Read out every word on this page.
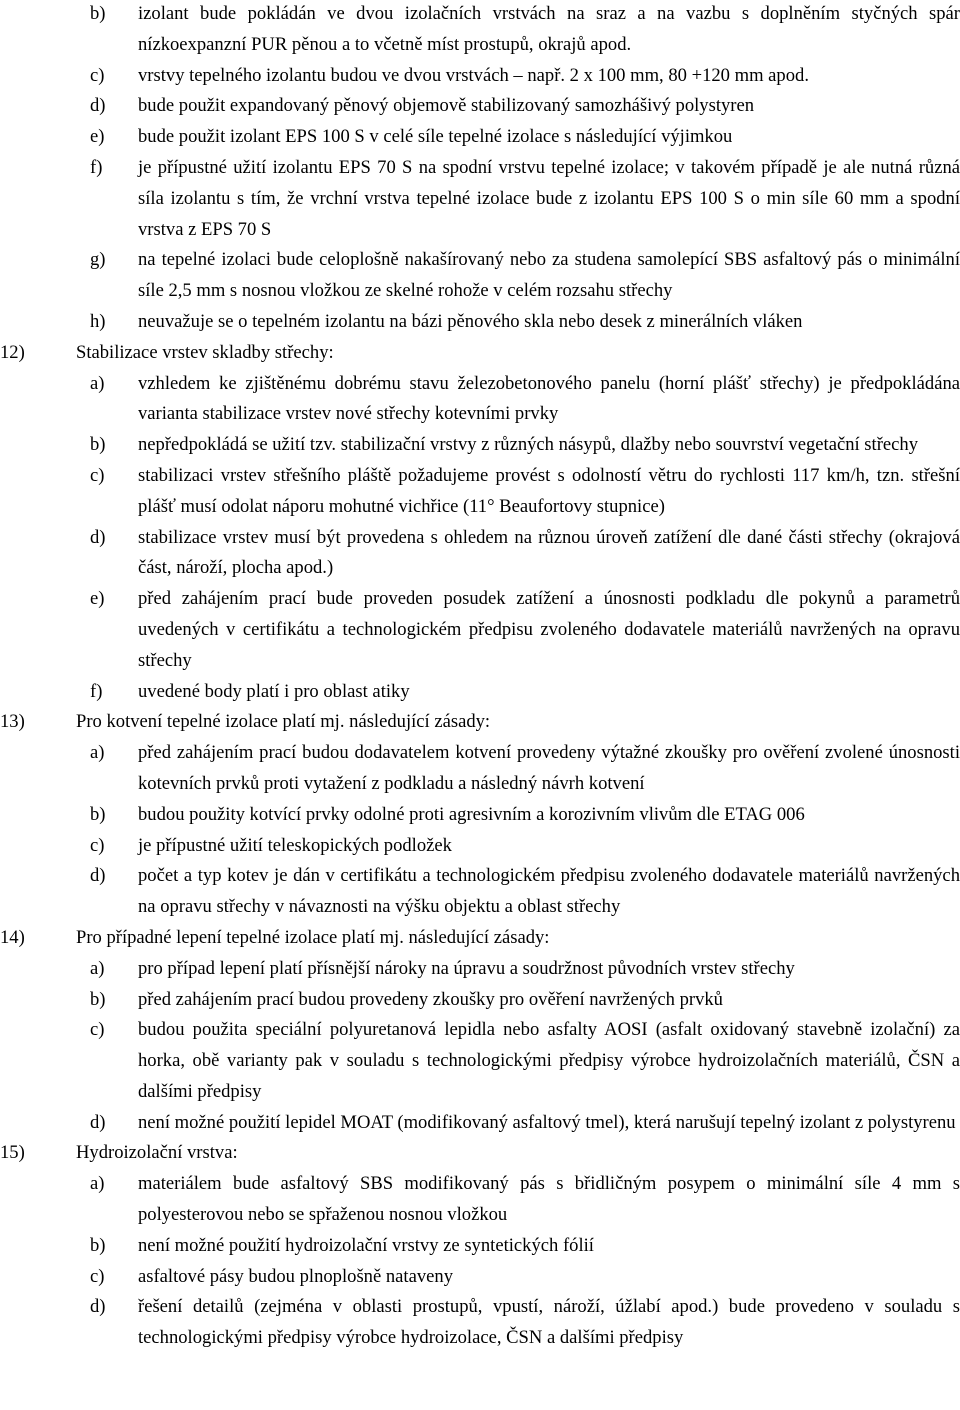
b) izolant bude pokládán ve dvou izolačních vrstvách na sraz a na vazbu s doplněním styčných spár nízkoexpanzní PUR pěnou a to včetně míst prostupů, okrajů apod.
c) vrstvy tepelného izolantu budou ve dvou vrstvách – např. 2 x 100 mm, 80 +120 mm apod.
d) bude použit expandovaný pěnový objemově stabilizovaný samozhášivý polystyren
e) bude použit izolant EPS 100 S v celé síle tepelné izolace s následující výjimkou
f) je přípustné užití izolantu EPS 70 S na spodní vrstvu tepelné izolace; v takovém případě je ale nutná různá síla izolantu s tím, že vrchní vrstva tepelné izolace bude z izolantu EPS 100 S o min síle 60 mm a spodní vrstva z EPS 70 S
g) na tepelné izolaci bude celoplošně nakašírovaný nebo za studena samolepící SBS asfaltový pás o minimální síle 2,5 mm s nosnou vložkou ze skelné rohože v celém rozsahu střechy
h) neuvažuje se o tepelném izolantu na bázi pěnového skla nebo desek z minerálních vláken
12)	Stabilizace vrstev skladby střechy:
a) vzhledem ke zjištěnému dobrému stavu železobetonového panelu (horní plášť střechy) je předpokládána varianta stabilizace vrstev nové střechy kotevními prvky
b) nepředpokládá se užití tzv. stabilizační vrstvy z různých násypů, dlažby nebo souvrství vegetační střechy
c) stabilizaci vrstev střešního pláště požadujeme provést s odolností větru do rychlosti 117 km/h, tzn. střešní plášť musí odolat náporu mohutné vichřice (11° Beaufortovy stupnice)
d) stabilizace vrstev musí být provedena s ohledem na různou úroveň zatížení dle dané části střechy (okrajová část, nároží, plocha apod.)
e) před zahájením prací bude proveden posudek zatížení a únosnosti podkladu dle pokynů a parametrů uvedených v certifikátu a technologickém předpisu zvoleného dodavatele materiálů navržených na opravu střechy
f) uvedené body platí i pro oblast atiky
13)	Pro kotvení tepelné izolace platí mj. následující zásady:
a) před zahájením prací budou dodavatelem kotvení provedeny výtažné zkoušky pro ověření zvolené únosnosti kotevních prvků proti vytažení z podkladu a následný návrh kotvení
b) budou použity kotvící prvky odolné proti agresivním a korozivním vlivům dle ETAG 006
c) je přípustné užití teleskopických podložek
d) počet a typ kotev je dán v certifikátu a technologickém předpisu zvoleného dodavatele materiálů navržených na opravu střechy v návaznosti na výšku objektu a oblast střechy
14)	Pro případné lepení tepelné izolace platí mj. následující zásady:
a) pro případ lepení platí přísnější nároky na úpravu a soudržnost původních vrstev střechy
b) před zahájením prací budou provedeny zkoušky pro ověření navržených prvků
c) budou použita speciální polyuretanová lepidla nebo asfalty AOSI (asfalt oxidovaný stavebně izolační) za horka, obě varianty pak v souladu s technologickými předpisy výrobce hydroizolačních materiálů, ČSN a dalšími předpisy
d) není možné použití lepidel MOAT (modifikovaný asfaltový tmel), která narušují tepelný izolant z polystyrenu
15)	Hydroizolační vrstva:
a) materiálem bude asfaltový SBS modifikovaný pás s břidličným posypem o minimální síle 4 mm s polyesterovou nebo se spřaženou nosnou vložkou
b) není možné použití hydroizolační vrstvy ze syntetických fólií
c) asfaltové pásy budou plnoplošně nataveny
d) řešení detailů (zejména v oblasti prostupů, vpustí, nároží, úžlabí apod.) bude provedeno v souladu s technologickými předpisy výrobce hydroizolace, ČSN a dalšími předpisy
